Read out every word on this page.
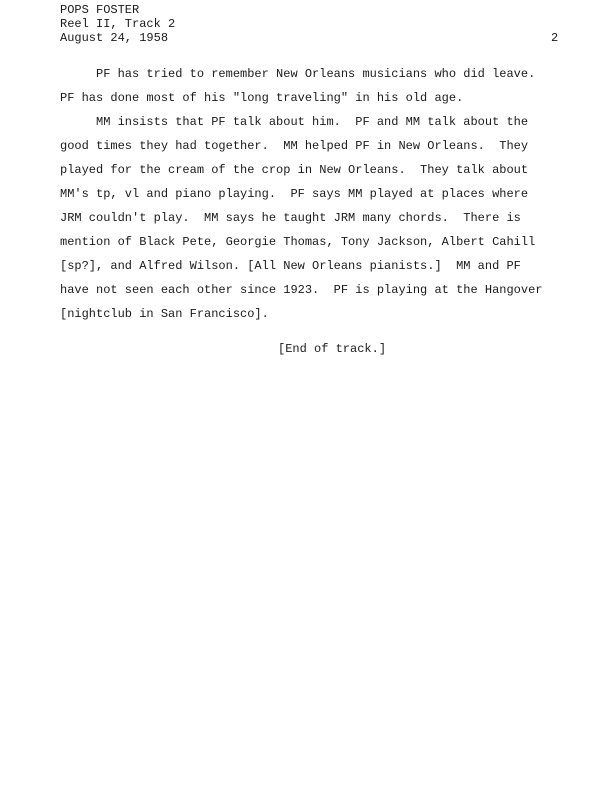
POPS FOSTER
Reel II, Track 2
August 24, 1958	2
PF has tried to remember New Orleans musicians who did leave.
PF has done most of his "long traveling" in his old age.
MM insists that PF talk about him.  PF and MM talk about the
good times they had together.  MM helped PF in New Orleans.  They
played for the cream of the crop in New Orleans.  They talk about
MM's tp, vl and piano playing.  PF says MM played at places where
JRM couldn't play.  MM says he taught JRM many chords.  There is
mention of Black Pete, Georgie Thomas, Tony Jackson, Albert Cahill
[sp?], and Alfred Wilson. [All New Orleans pianists.]  MM and PF
have not seen each other since 1923.  PF is playing at the Hangover
[nightclub in San Francisco].
[End of track.]
